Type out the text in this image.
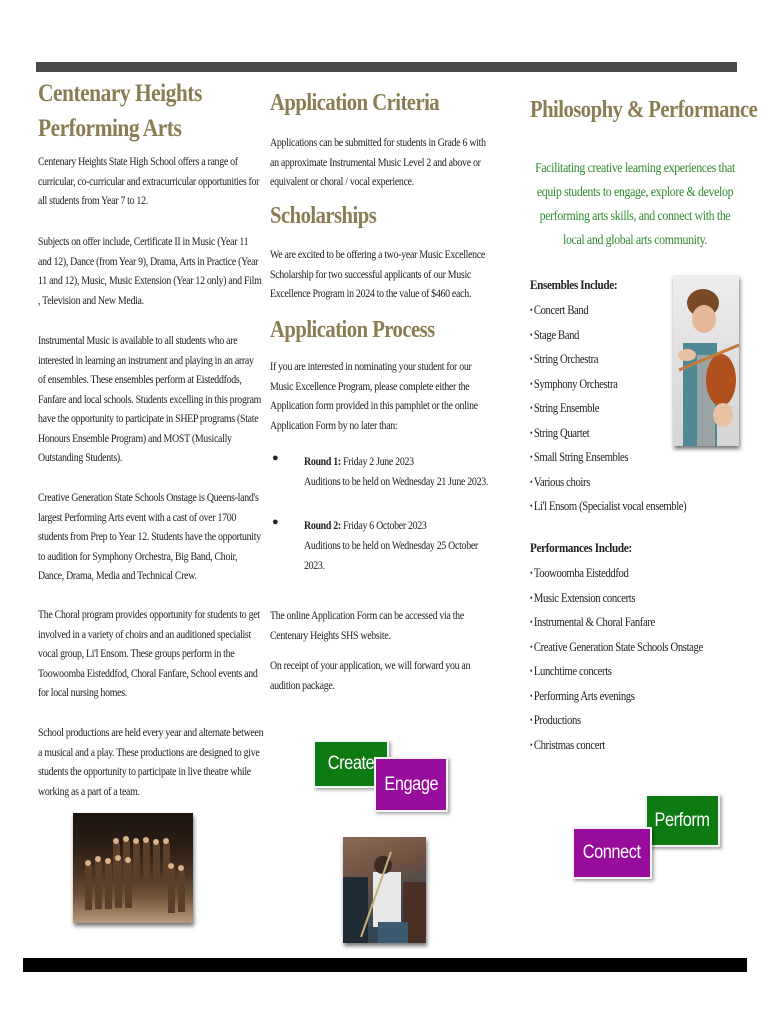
Centenary Heights
Performing Arts

Centenary Heights State High School offers a range of curricular, co-curricular and extracurricular opportunities for all students from Year 7 to 12.

Subjects on offer include, Certificate II in Music (Year 11 and 12), Dance (from Year 9), Drama, Arts in Practice (Year 11 and 12), Music, Music Extension (Year 12 only) and Film , Television and New Media.

Instrumental Music is available to all students who are interested in learning an instrument and playing in an array of ensembles. These ensembles perform at Eisteddfods, Fanfare and local schools. Students excelling in this program have the opportunity to participate in SHEP programs (State Honours Ensemble Program) and MOST (Musically Outstanding Students).

Creative Generation State Schools Onstage is Queens-land's largest Performing Arts event with a cast of over 1700 students from Prep to Year 12. Students have the opportunity to audition for Symphony Orchestra, Big Band, Choir, Dance, Drama, Media and Technical Crew.

The Choral program provides opportunity for students to get involved in a variety of choirs and an auditioned specialist vocal group, Li'l Ensom. These groups perform in the Toowoomba Eisteddfod, Choral Fanfare, School events and for local nursing homes.

School productions are held every year and alternate between a musical and a play. These productions are designed to give students the opportunity to participate in live theatre while working as a part of a team.

Application Criteria

Applications can be submitted for students in Grade 6 with an approximate Instrumental Music Level 2 and above or equivalent or choral / vocal experience.

Scholarships

We are excited to be offering a two-year Music Excellence Scholarship for two successful applicants of our Music Excellence Program in 2024 to the value of $460 each.

Application Process

If you are interested in nominating your student for our Music Excellence Program, please complete either the Application form provided in this pamphlet or the online Application Form by no later than:

● Round 1: Friday 2 June 2023
Auditions to be held on Wednesday 21 June 2023.
● Round 2: Friday 6 October 2023
Auditions to be held on Wednesday 25 October 2023.

The online Application Form can be accessed via the Centenary Heights SHS website.

On receipt of your application, we will forward you an audition package.

Create
Engage
Philosophy & Performance
Facilitating creative learning experiences that equip students to engage, explore & develop performing arts skills, and connect with the local and global arts community.
Ensembles Include:
• Concert Band
• Stage Band
• String Orchestra
• Symphony Orchestra
• String Ensemble
• String Quartet
• Small String Ensembles
• Various choirs
• Li'l Ensom (Specialist vocal ensemble)
Performances Include:
• Toowoomba Eisteddfod
• Music Extension concerts
• Instrumental & Choral Fanfare
• Creative Generation State Schools Onstage
• Lunchtime concerts
• Performing Arts evenings
• Productions
• Christmas concert
Perform
Connect
